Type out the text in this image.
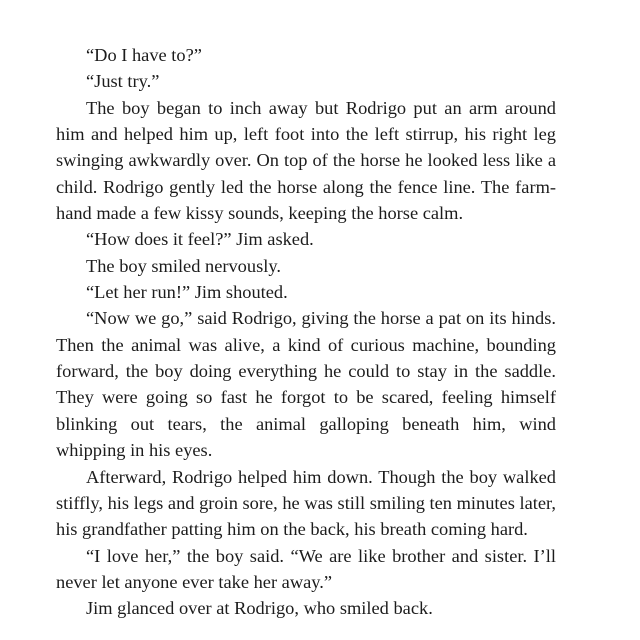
“Do I have to?”

“Just try.”

The boy began to inch away but Rodrigo put an arm around him and helped him up, left foot into the left stirrup, his right leg swinging awkwardly over. On top of the horse he looked less like a child. Rodrigo gently led the horse along the fence line. The farmhand made a few kissy sounds, keeping the horse calm.

“How does it feel?” Jim asked.

The boy smiled nervously.

“Let her run!” Jim shouted.

“Now we go,” said Rodrigo, giving the horse a pat on its hinds. Then the animal was alive, a kind of curious machine, bounding forward, the boy doing everything he could to stay in the saddle. They were going so fast he forgot to be scared, feeling himself blinking out tears, the animal galloping beneath him, wind whipping in his eyes.

Afterward, Rodrigo helped him down. Though the boy walked stiffly, his legs and groin sore, he was still smiling ten minutes later, his grandfather patting him on the back, his breath coming hard.

“I love her,” the boy said. “We are like brother and sister. I’ll never let anyone ever take her away.”

Jim glanced over at Rodrigo, who smiled back.
